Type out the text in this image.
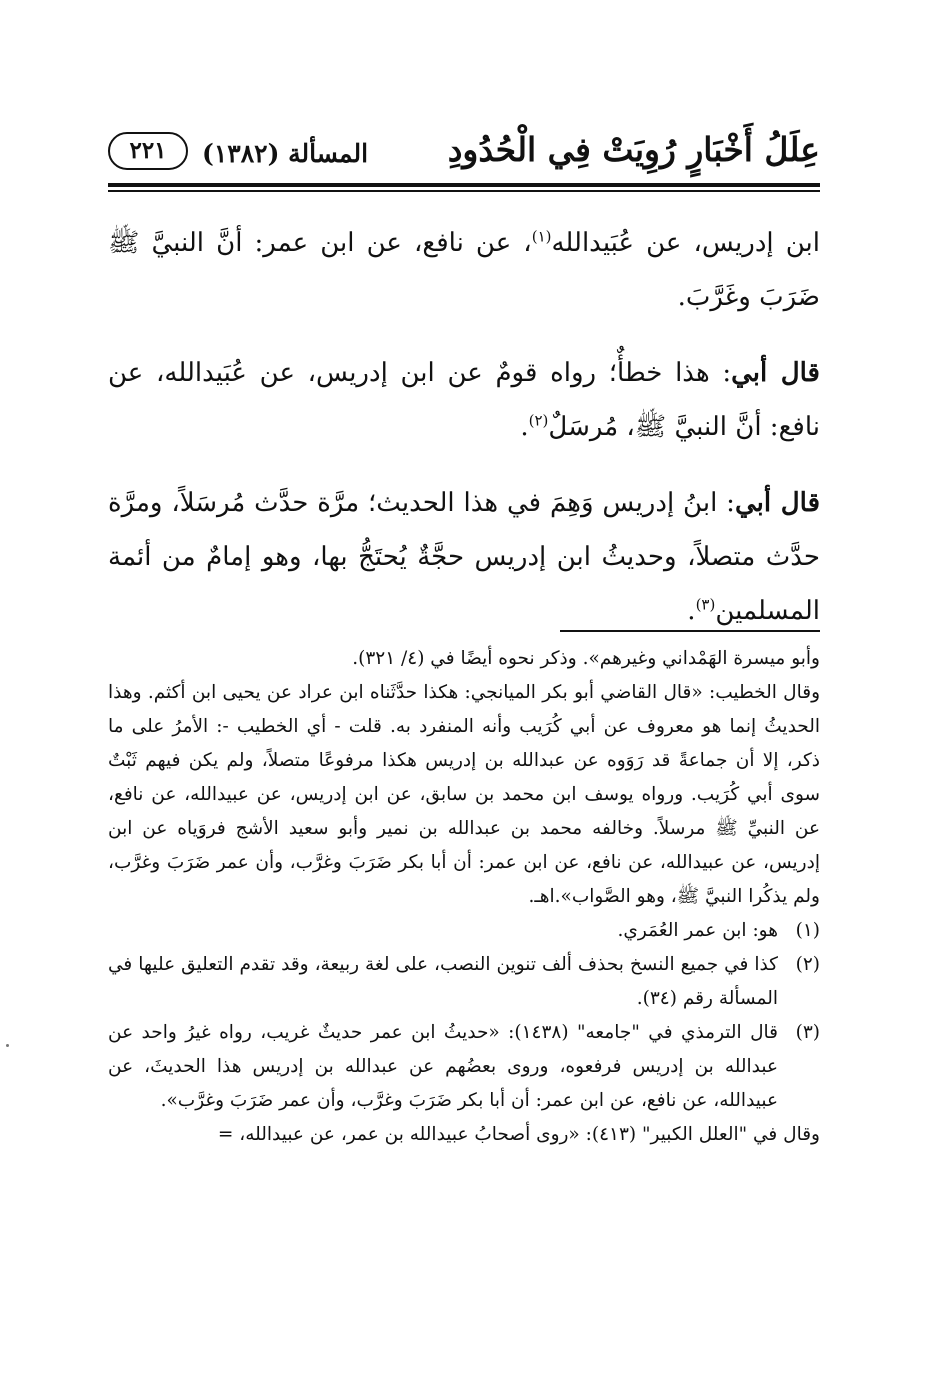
عِلَلُ أَخْبَارٍ رُوِيَتْ فِي الْحُدُودِ
المسألة (١٣٨٢)
٢٢١

ابن إدريس، عن عُبَيدالله$^{(١)}$، عن نافع، عن ابن عمر: أنَّ النبيَّ ﷺ ضَرَبَ وغَرَّبَ.

قال أبي: هذا خطأٌ؛ رواه قومٌ عن ابن إدريس، عن عُبَيدالله، عن نافع: أنَّ النبيَّ ﷺ، مُرسَلٌ$^{(٢)}$.

قال أبي: ابنُ إدريس وَهِمَ في هذا الحديث؛ مرَّة حدَّث مُرسَلاً، ومرَّة حدَّث متصلاً، وحديثُ ابن إدريس حجَّةٌ يُحتَجُّ بها، وهو إمامٌ من أئمة المسلمين$^{(٣)}$.

وأبو ميسرة الهَمْداني وغيرهم». وذكر نحوه أيضًا في (٤/ ٣٢١).

وقال الخطيب: «قال القاضي أبو بكر الميانجي: هكذا حدَّثَناه ابن عراد عن يحيى ابن أكثم. وهذا الحديثُ إنما هو معروف عن أبي كُرَيب وأنه المنفرد به. قلت - أي الخطيب -: الأمرُ على ما ذكر، إلا أن جماعةً قد رَوَوه عن عبدالله بن إدريس هكذا مرفوعًا متصلاً، ولم يكن فيهم ثَبْتٌ سوى أبي كُرَيب. ورواه يوسف ابن محمد بن سابق، عن ابن إدريس، عن عبيدالله، عن نافع، عن النبيِّ ﷺ مرسلاً. وخالفه محمد بن عبدالله بن نمير وأبو سعيد الأشج فروَياه عن ابن إدريس، عن عبيدالله، عن نافع، عن ابن عمر: أن أبا بكر ضَرَبَ وغرَّب، وأن عمر ضَرَبَ وغرَّب، ولم يذكُرا النبيَّ ﷺ، وهو الصَّواب».اهـ.

(١)
هو: ابن عمر العُمَري.
(٢)
كذا في جميع النسخ بحذف ألف تنوين النصب، على لغة ربيعة، وقد تقدم التعليق عليها في المسألة رقم (٣٤).
(٣)
قال الترمذي في "جامعه" (١٤٣٨): «حديثُ ابن عمر حديثٌ غريب، رواه غيرُ واحد عن عبدالله بن إدريس فرفعوه، وروى بعضُهم عن عبدالله بن إدريس هذا الحديثَ، عن عبيدالله، عن نافع، عن ابن عمر: أن أبا بكر ضَرَبَ وغرَّب، وأن عمر ضَرَبَ وغرَّب».

وقال في "العلل الكبير" (٤١٣): «روى أصحابُ عبيدالله بن عمر، عن عبيدالله، =
